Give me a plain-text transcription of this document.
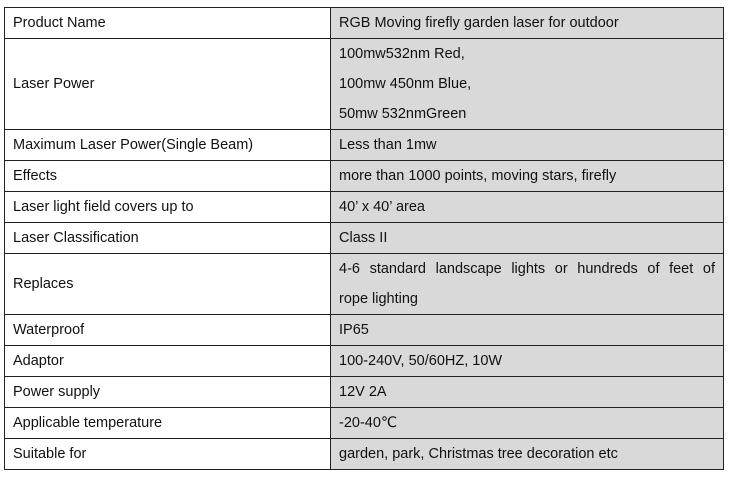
Product Name	RGB Moving firefly garden laser for outdoor

Laser Power	100mw532nm Red,
100mw 450nm Blue,
50mw 532nmGreen

Maximum Laser Power(Single Beam)	Less than 1mw

Effects	more than 1000 points, moving stars, firefly

Laser light field covers up to	40’ x 40’ area

Laser Classification	Class II

Replaces	4-6 standard landscape lights or hundreds of feet of
rope lighting

Waterproof	IP65

Adaptor	100-240V, 50/60HZ, 10W

Power supply	12V 2A

Applicable temperature	-20-40℃

Suitable for	garden, park, Christmas tree decoration etc
